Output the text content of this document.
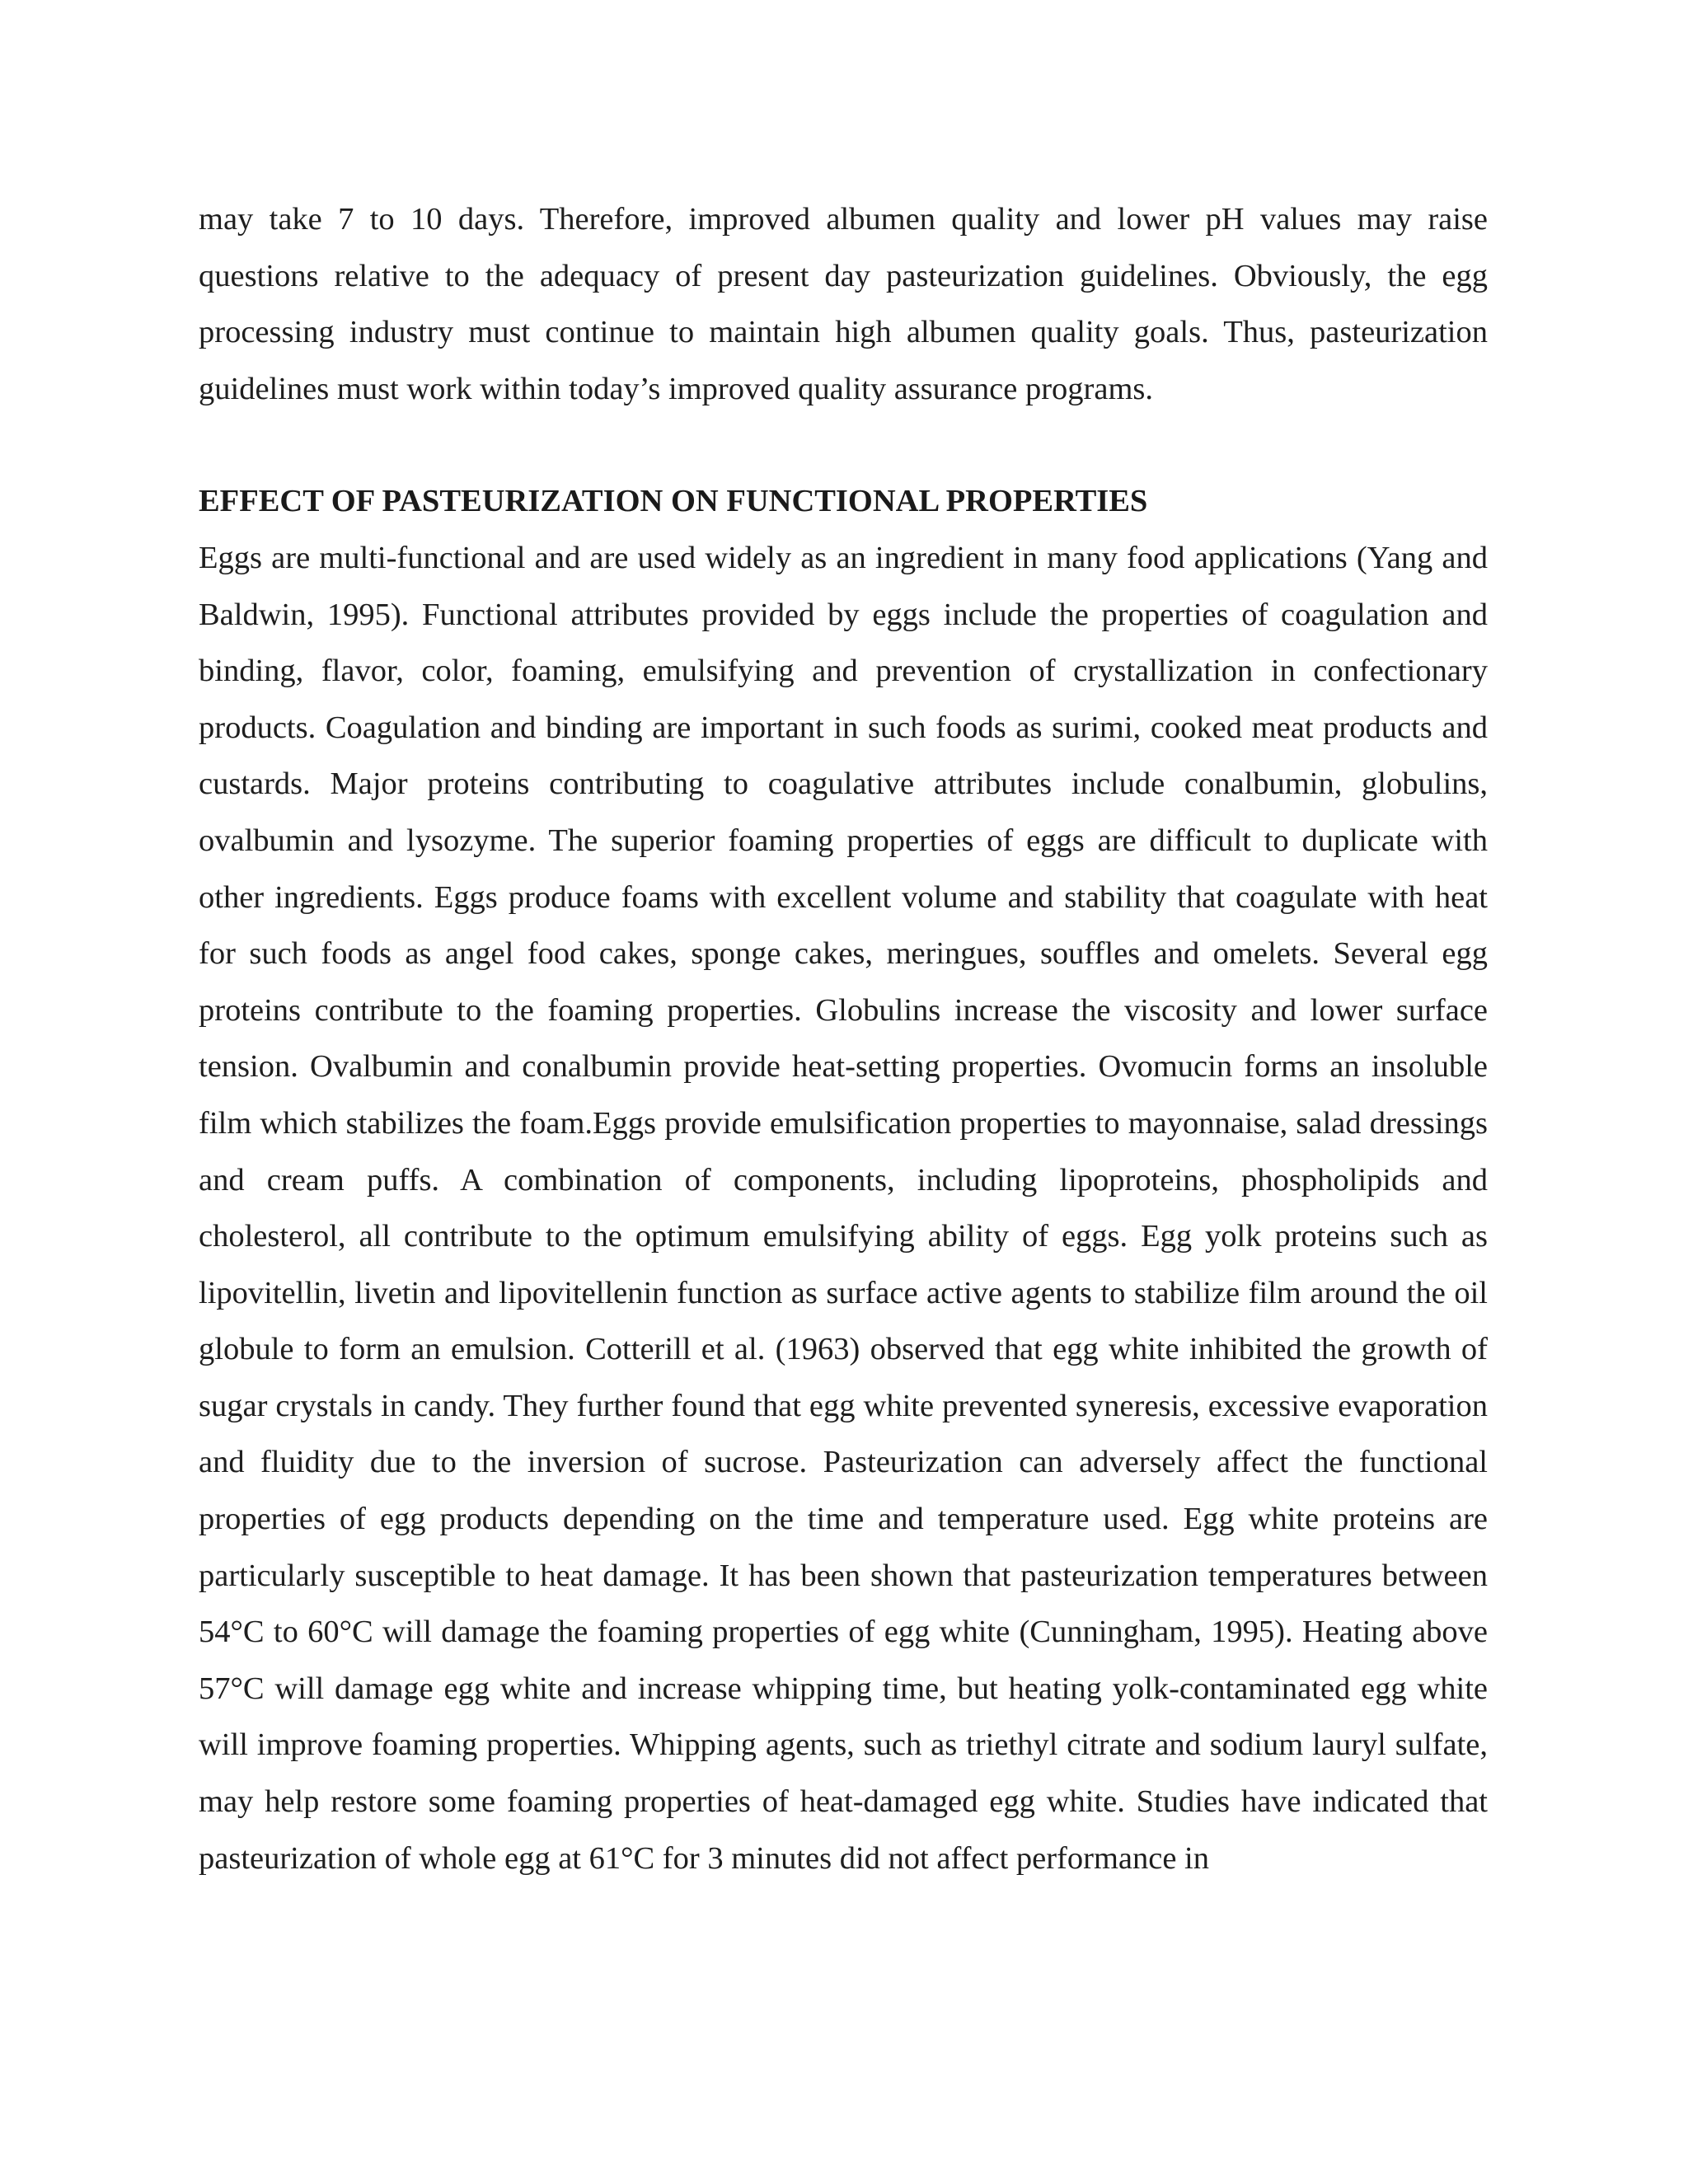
may take 7 to 10 days. Therefore, improved albumen quality and lower pH values may raise questions relative to the adequacy of present day pasteurization guidelines. Obviously, the egg processing industry must continue to maintain high albumen quality goals. Thus, pasteurization guidelines must work within today’s improved quality assurance programs.

EFFECT OF PASTEURIZATION ON FUNCTIONAL PROPERTIES

Eggs are multi-functional and are used widely as an ingredient in many food applications (Yang and Baldwin, 1995). Functional attributes provided by eggs include the properties of coagulation and binding, flavor, color, foaming, emulsifying and prevention of crystallization in confectionary products. Coagulation and binding are important in such foods as surimi, cooked meat products and custards. Major proteins contributing to coagulative attributes include conalbumin, globulins, ovalbumin and lysozyme. The superior foaming properties of eggs are difficult to duplicate with other ingredients. Eggs produce foams with excellent volume and stability that coagulate with heat for such foods as angel food cakes, sponge cakes, meringues, souffles and omelets. Several egg proteins contribute to the foaming properties. Globulins increase the viscosity and lower surface tension. Ovalbumin and conalbumin provide heat-setting properties. Ovomucin forms an insoluble film which stabilizes the foam.Eggs provide emulsification properties to mayonnaise, salad dressings and cream puffs. A combination of components, including lipoproteins, phospholipids and cholesterol, all contribute to the optimum emulsifying ability of eggs. Egg yolk proteins such as lipovitellin, livetin and lipovitellenin function as surface active agents to stabilize film around the oil globule to form an emulsion. Cotterill et al. (1963) observed that egg white inhibited the growth of sugar crystals in candy. They further found that egg white prevented syneresis, excessive evaporation and fluidity due to the inversion of sucrose. Pasteurization can adversely affect the functional properties of egg products depending on the time and temperature used. Egg white proteins are particularly susceptible to heat damage. It has been shown that pasteurization temperatures between 54°C to 60°C will damage the foaming properties of egg white (Cunningham, 1995). Heating above 57°C will damage egg white and increase whipping time, but heating yolk-contaminated egg white will improve foaming properties. Whipping agents, such as triethyl citrate and sodium lauryl sulfate, may help restore some foaming properties of heat-damaged egg white. Studies have indicated that pasteurization of whole egg at 61°C for 3 minutes did not affect performance in
